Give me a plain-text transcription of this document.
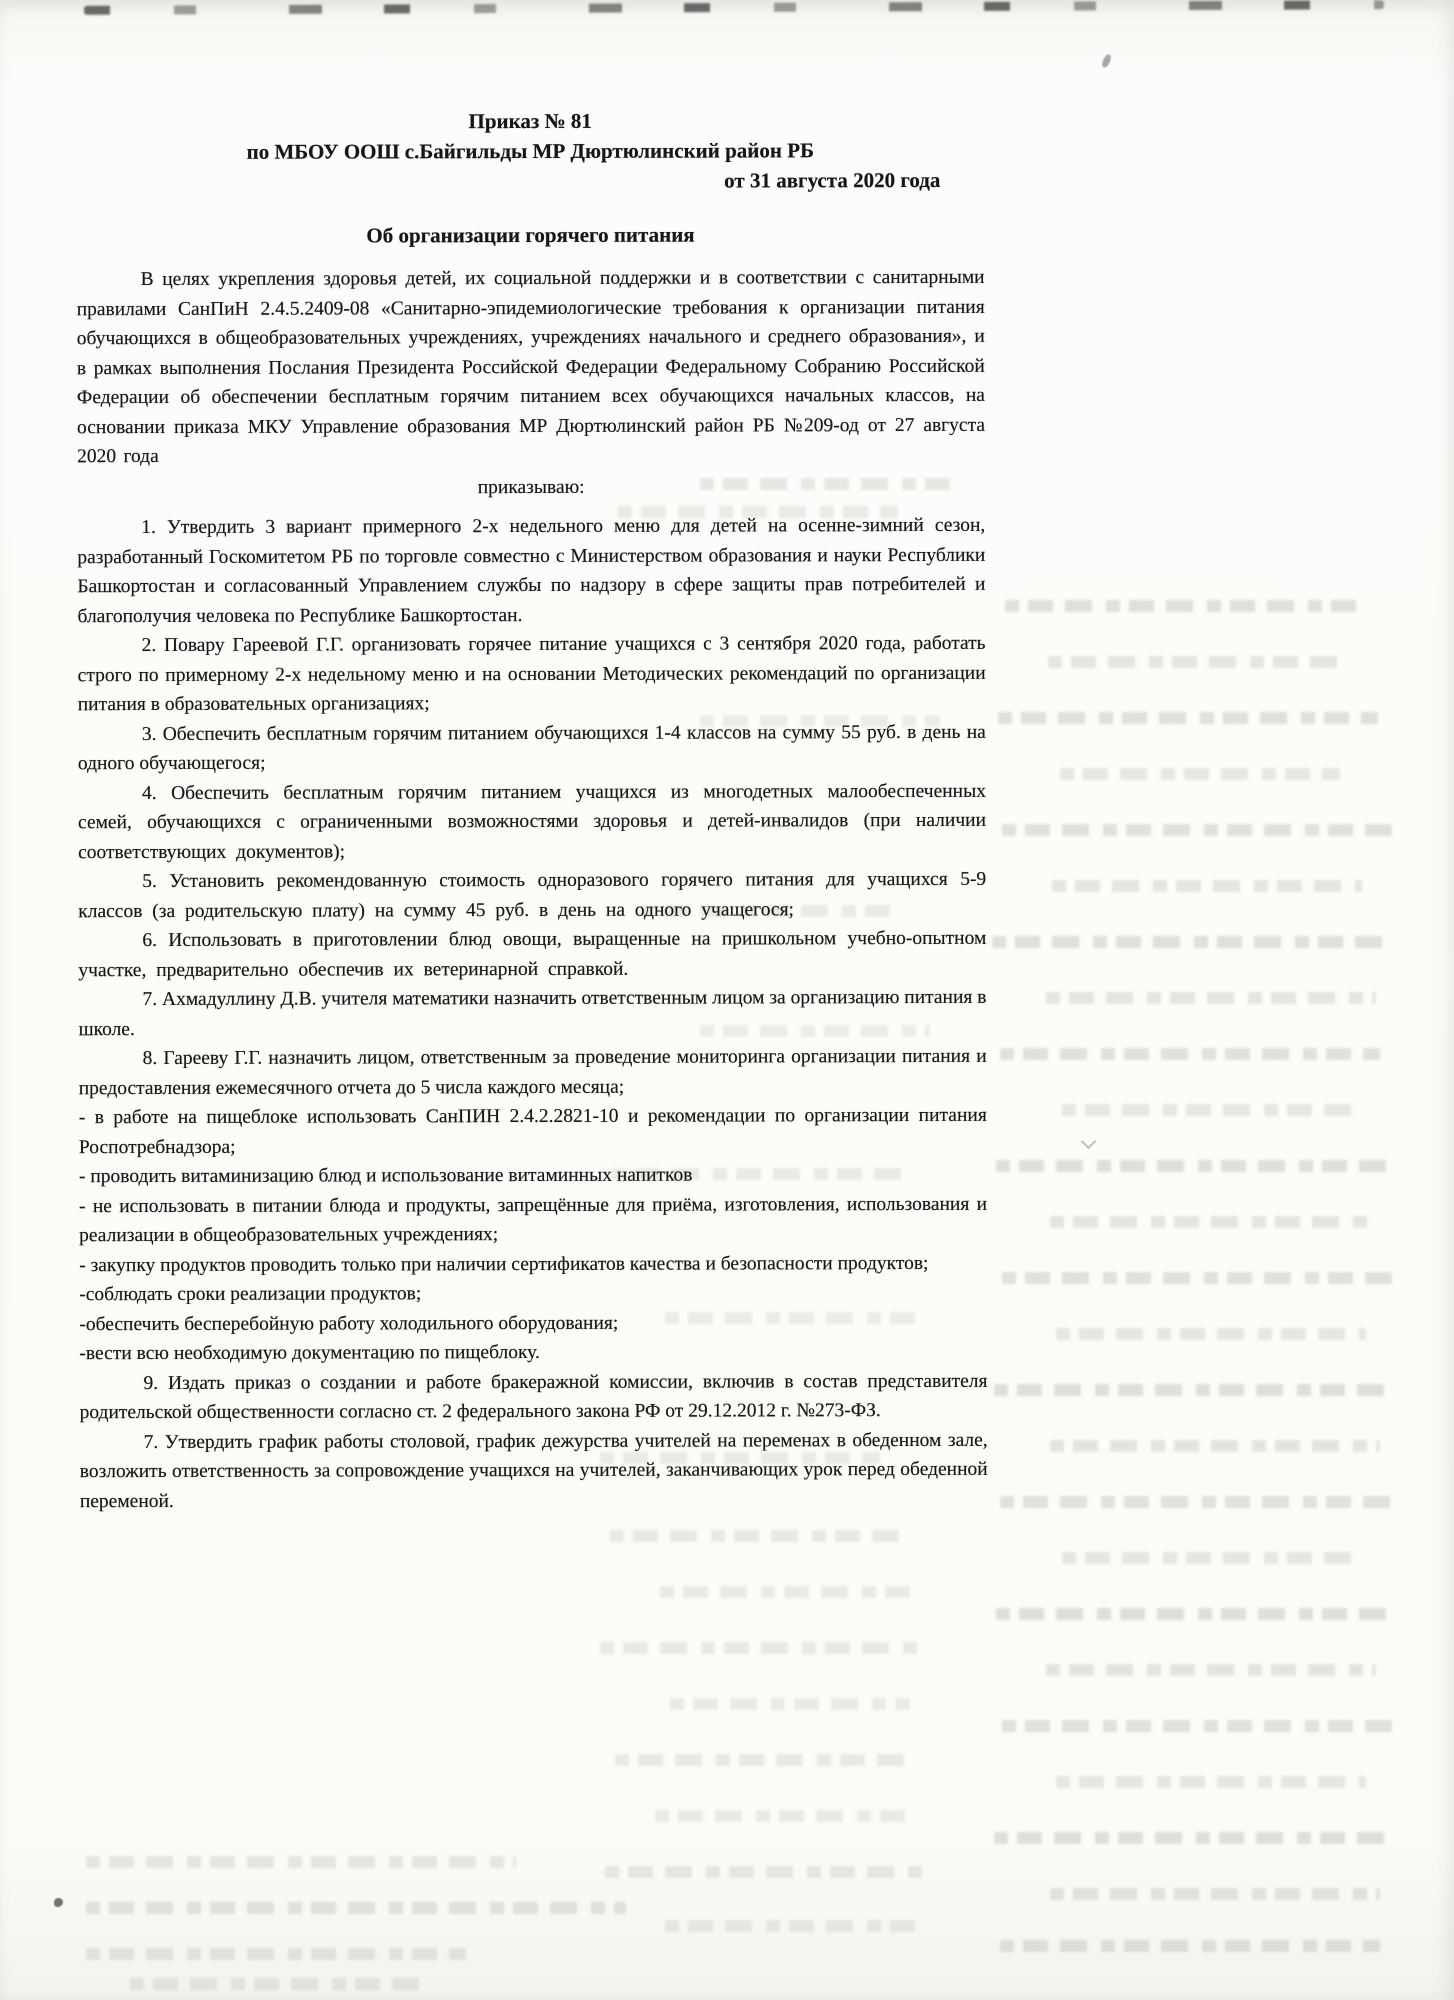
Приказ № 81

по МБОУ ООШ с.Байгильды МР Дюртюлинский район РБ

от 31 августа 2020 года

Об организации горячего питания

В целях укрепления здоровья детей, их социальной поддержки и в соответствии с санитарными правилами СанПиН 2.4.5.2409-08 «Санитарно-эпидемиологические требования к организации питания обучающихся в общеобразовательных учреждениях, учреждениях начального и среднего образования», и в рамках выполнения Послания Президента Российской Федерации Федеральному Собранию Российской Федерации об обеспечении бесплатным горячим питанием всех обучающихся начальных классов, на основании приказа МКУ Управление образования МР Дюртюлинский район РБ №209-од от 27 августа 2020 года

приказываю:

1. Утвердить 3 вариант примерного 2-х недельного меню для детей на осенне-зимний сезон, разработанный Госкомитетом РБ по торговле совместно с Министерством образования и науки Республики Башкортостан и согласованный Управлением службы по надзору в сфере защиты прав потребителей и благополучия человека по Республике Башкортостан.

2. Повару Гареевой Г.Г. организовать горячее питание учащихся с 3 сентября 2020 года, работать строго по примерному 2-х недельному меню и на основании Методических рекомендаций по организации питания в образовательных организациях;

3. Обеспечить бесплатным горячим питанием обучающихся 1-4 классов на сумму 55 руб. в день на одного обучающегося;

4. Обеспечить бесплатным горячим питанием учащихся из многодетных малообеспеченных семей, обучающихся с ограниченными возможностями здоровья и детей-инвалидов (при наличии соответствующих документов);

5. Установить рекомендованную стоимость одноразового горячего питания для учащихся 5-9 классов (за родительскую плату) на сумму 45 руб. в день на одного учащегося;

6. Использовать в приготовлении блюд овощи, выращенные на пришкольном учебно-опытном участке, предварительно обеспечив их ветеринарной справкой.

7. Ахмадуллину Д.В. учителя математики назначить ответственным лицом за организацию питания в школе.

8. Гарееву Г.Г. назначить лицом, ответственным за проведение мониторинга организации питания и предоставления ежемесячного отчета до 5 числа каждого месяца;

- в работе на пищеблоке использовать СанПИН 2.4.2.2821-10 и рекомендации по организации питания Роспотребнадзора;

- проводить витаминизацию блюд и использование витаминных напитков

- не использовать в питании блюда и продукты, запрещённые для приёма, изготовления, использования и реализации в общеобразовательных учреждениях;

- закупку продуктов проводить только при наличии сертификатов качества и безопасности продуктов;

-соблюдать сроки реализации продуктов;

-обеспечить бесперебойную работу холодильного оборудования;

-вести всю необходимую документацию по пищеблоку.

9. Издать приказ о создании и работе бракеражной комиссии, включив в состав представителя родительской общественности согласно ст. 2 федерального закона РФ от 29.12.2012 г. №273-ФЗ.

7. Утвердить график работы столовой, график дежурства учителей на переменах в обеденном зале, возложить ответственность за сопровождение учащихся на учителей, заканчивающих урок перед обеденной переменой.
